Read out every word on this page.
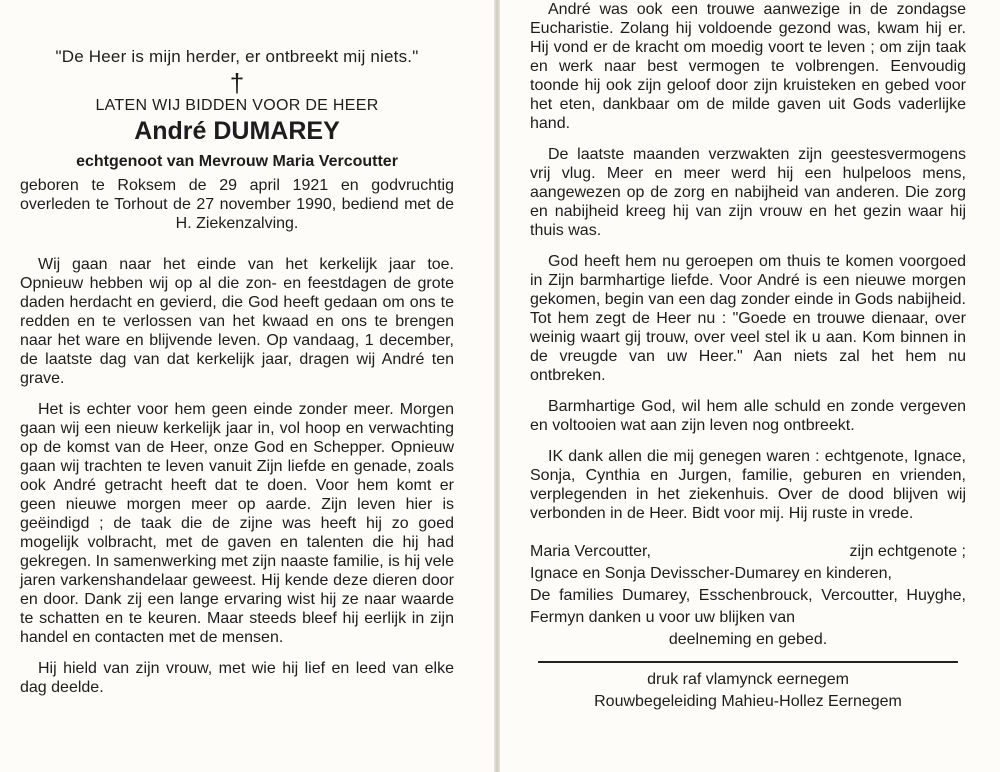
"De Heer is mijn herder, er ontbreekt mij niets."

†

LATEN WIJ BIDDEN VOOR DE HEER

André DUMAREY

echtgenoot van Mevrouw Maria Vercoutter

geboren te Roksem de 29 april 1921 en godvruchtig overleden te Torhout de 27 november 1990, bediend met de H. Ziekenzalving.

Wij gaan naar het einde van het kerkelijk jaar toe. Opnieuw hebben wij op al die zon- en feestdagen de grote daden herdacht en gevierd, die God heeft gedaan om ons te redden en te verlossen van het kwaad en ons te brengen naar het ware en blijvende leven. Op vandaag, 1 december, de laatste dag van dat kerkelijk jaar, dragen wij André ten grave.

Het is echter voor hem geen einde zonder meer. Morgen gaan wij een nieuw kerkelijk jaar in, vol hoop en verwachting op de komst van de Heer, onze God en Schepper. Opnieuw gaan wij trachten te leven vanuit Zijn liefde en genade, zoals ook André getracht heeft dat te doen. Voor hem komt er geen nieuwe morgen meer op aarde. Zijn leven hier is geëindigd ; de taak die de zijne was heeft hij zo goed mogelijk volbracht, met de gaven en talenten die hij had gekregen. In samenwerking met zijn naaste familie, is hij vele jaren varkenshandelaar geweest. Hij kende deze dieren door en door. Dank zij een lange ervaring wist hij ze naar waarde te schatten en te keuren. Maar steeds bleef hij eerlijk in zijn handel en contacten met de mensen.

Hij hield van zijn vrouw, met wie hij lief en leed van elke dag deelde.

André was ook een trouwe aanwezige in de zondagse Eucharistie. Zolang hij voldoende gezond was, kwam hij er. Hij vond er de kracht om moedig voort te leven ; om zijn taak en werk naar best vermogen te volbrengen. Eenvoudig toonde hij ook zijn geloof door zijn kruisteken en gebed voor het eten, dankbaar om de milde gaven uit Gods vaderlijke hand.

De laatste maanden verzwakten zijn geestesvermogens vrij vlug. Meer en meer werd hij een hulpeloos mens, aangewezen op de zorg en nabijheid van anderen. Die zorg en nabijheid kreeg hij van zijn vrouw en het gezin waar hij thuis was.

God heeft hem nu geroepen om thuis te komen voorgoed in Zijn barmhartige liefde. Voor André is een nieuwe morgen gekomen, begin van een dag zonder einde in Gods nabijheid. Tot hem zegt de Heer nu : "Goede en trouwe dienaar, over weinig waart gij trouw, over veel stel ik u aan. Kom binnen in de vreugde van uw Heer." Aan niets zal het hem nu ontbreken.

Barmhartige God, wil hem alle schuld en zonde vergeven en voltooien wat aan zijn leven nog ontbreekt.

IK dank allen die mij genegen waren : echtgenote, Ignace, Sonja, Cynthia en Jurgen, familie, geburen en vrienden, verplegenden in het ziekenhuis. Over de dood blijven wij verbonden in de Heer. Bidt voor mij. Hij ruste in vrede.

Maria Vercoutter,	zijn echtgenote ;

Ignace en Sonja Devisscher-Dumarey en kinderen,

De families Dumarey, Esschenbrouck, Vercoutter, Huyghe, Fermyn danken u voor uw blijken van

deelneming en gebed.

druk raf vlamynck eernegem

Rouwbegeleiding Mahieu-Hollez Eernegem
